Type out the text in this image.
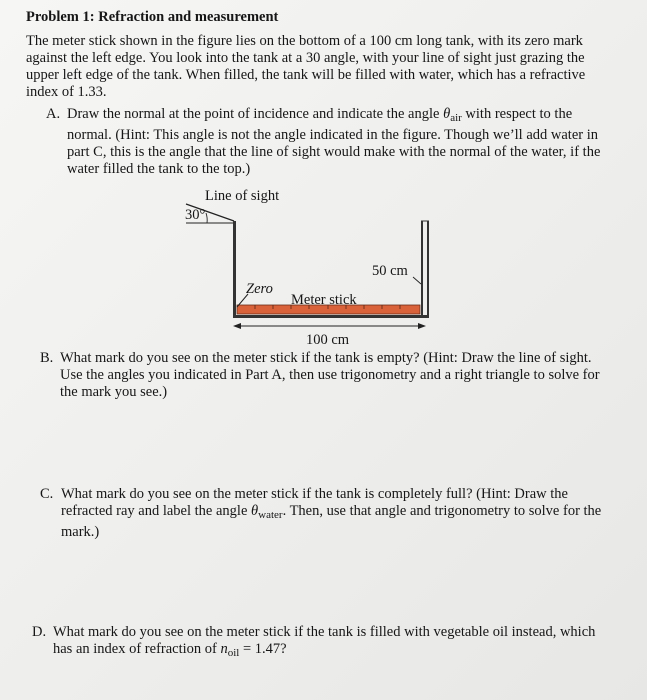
Problem 1: Refraction and measurement
The meter stick shown in the figure lies on the bottom of a 100 cm long tank, with its zero mark against the left edge. You look into the tank at a 30 angle, with your line of sight just grazing the upper left edge of the tank. When filled, the tank will be filled with water, which has a refractive index of 1.33.
A. Draw the normal at the point of incidence and indicate the angle $\theta_{air}$ with respect to the normal. (Hint: This angle is not the angle indicated in the figure. Though we’ll add water in part C, this is the angle that the line of sight would make with the normal of the water, if the water filled the tank to the top.)
Line of sight
30°
50 cm
Zero
Meter stick
100 cm
B. What mark do you see on the meter stick if the tank is empty? (Hint: Draw the line of sight. Use the angles you indicated in Part A, then use trigonometry and a right triangle to solve for the mark you see.)
C. What mark do you see on the meter stick if the tank is completely full? (Hint: Draw the refracted ray and label the angle $\theta_{water}$. Then, use that angle and trigonometry to solve for the mark.)
D. What mark do you see on the meter stick if the tank is filled with vegetable oil instead, which has an index of refraction of $n_{oil} = 1.47$?
